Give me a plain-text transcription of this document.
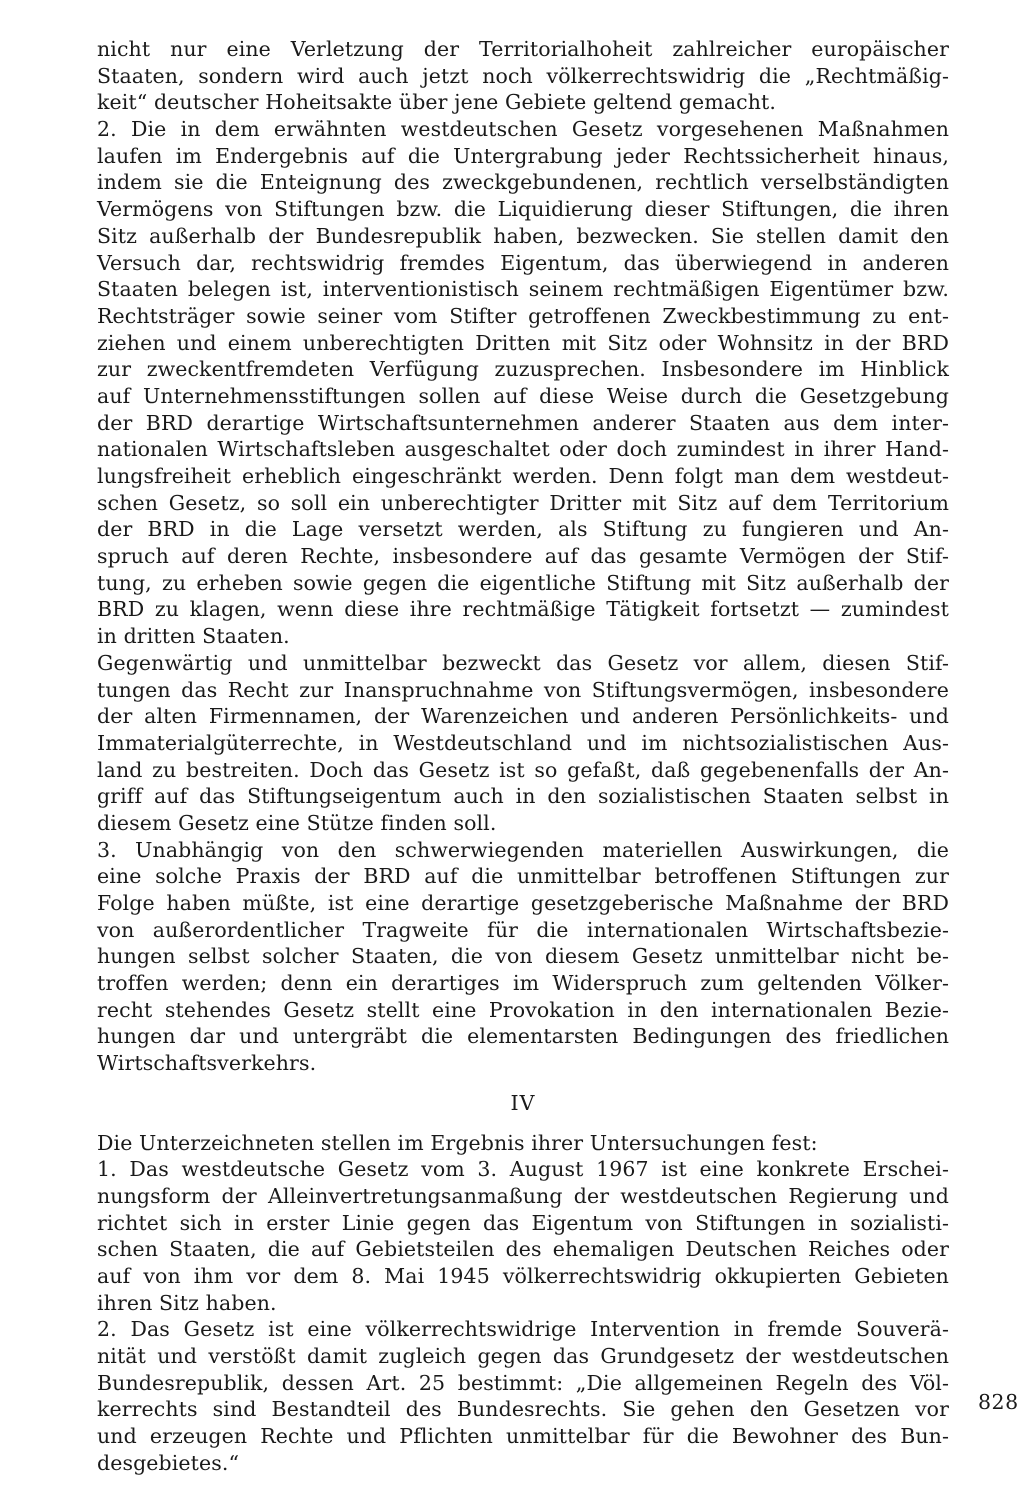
nicht nur eine Verletzung der Territorialhoheit zahlreicher europäischer
Staaten, sondern wird auch jetzt noch völkerrechtswidrig die „Rechtmäßig-
keit“ deutscher Hoheitsakte über jene Gebiete geltend gemacht.
2. Die in dem erwähnten westdeutschen Gesetz vorgesehenen Maßnahmen
laufen im Endergebnis auf die Untergrabung jeder Rechtssicherheit hinaus,
indem sie die Enteignung des zweckgebundenen, rechtlich verselbständigten
Vermögens von Stiftungen bzw. die Liquidierung dieser Stiftungen, die ihren
Sitz außerhalb der Bundesrepublik haben, bezwecken. Sie stellen damit den
Versuch dar, rechtswidrig fremdes Eigentum, das überwiegend in anderen
Staaten belegen ist, interventionistisch seinem rechtmäßigen Eigentümer bzw.
Rechtsträger sowie seiner vom Stifter getroffenen Zweckbestimmung zu ent-
ziehen und einem unberechtigten Dritten mit Sitz oder Wohnsitz in der BRD
zur zweckentfremdeten Verfügung zuzusprechen. Insbesondere im Hinblick
auf Unternehmensstiftungen sollen auf diese Weise durch die Gesetzgebung
der BRD derartige Wirtschaftsunternehmen anderer Staaten aus dem inter-
nationalen Wirtschaftsleben ausgeschaltet oder doch zumindest in ihrer Hand-
lungsfreiheit erheblich eingeschränkt werden. Denn folgt man dem westdeut-
schen Gesetz, so soll ein unberechtigter Dritter mit Sitz auf dem Territorium
der BRD in die Lage versetzt werden, als Stiftung zu fungieren und An-
spruch auf deren Rechte, insbesondere auf das gesamte Vermögen der Stif-
tung, zu erheben sowie gegen die eigentliche Stiftung mit Sitz außerhalb der
BRD zu klagen, wenn diese ihre rechtmäßige Tätigkeit fortsetzt — zumindest
in dritten Staaten.
Gegenwärtig und unmittelbar bezweckt das Gesetz vor allem, diesen Stif-
tungen das Recht zur Inanspruchnahme von Stiftungsvermögen, insbesondere
der alten Firmennamen, der Warenzeichen und anderen Persönlichkeits- und
Immaterialgüterrechte, in Westdeutschland und im nichtsozialistischen Aus-
land zu bestreiten. Doch das Gesetz ist so gefaßt, daß gegebenenfalls der An-
griff auf das Stiftungseigentum auch in den sozialistischen Staaten selbst in
diesem Gesetz eine Stütze finden soll.
3. Unabhängig von den schwerwiegenden materiellen Auswirkungen, die
eine solche Praxis der BRD auf die unmittelbar betroffenen Stiftungen zur
Folge haben müßte, ist eine derartige gesetzgeberische Maßnahme der BRD
von außerordentlicher Tragweite für die internationalen Wirtschaftsbezie-
hungen selbst solcher Staaten, die von diesem Gesetz unmittelbar nicht be-
troffen werden; denn ein derartiges im Widerspruch zum geltenden Völker-
recht stehendes Gesetz stellt eine Provokation in den internationalen Bezie-
hungen dar und untergräbt die elementarsten Bedingungen des friedlichen
Wirtschaftsverkehrs.
IV
Die Unterzeichneten stellen im Ergebnis ihrer Untersuchungen fest:
1. Das westdeutsche Gesetz vom 3. August 1967 ist eine konkrete Erschei-
nungsform der Alleinvertretungsanmaßung der westdeutschen Regierung und
richtet sich in erster Linie gegen das Eigentum von Stiftungen in sozialisti-
schen Staaten, die auf Gebietsteilen des ehemaligen Deutschen Reiches oder
auf von ihm vor dem 8. Mai 1945 völkerrechtswidrig okkupierten Gebieten
ihren Sitz haben.
2. Das Gesetz ist eine völkerrechtswidrige Intervention in fremde Souverä-
nität und verstößt damit zugleich gegen das Grundgesetz der westdeutschen
Bundesrepublik, dessen Art. 25 bestimmt: „Die allgemeinen Regeln des Völ-
kerrechts sind Bestandteil des Bundesrechts. Sie gehen den Gesetzen vor
und erzeugen Rechte und Pflichten unmittelbar für die Bewohner des Bun-
desgebietes.“
828
